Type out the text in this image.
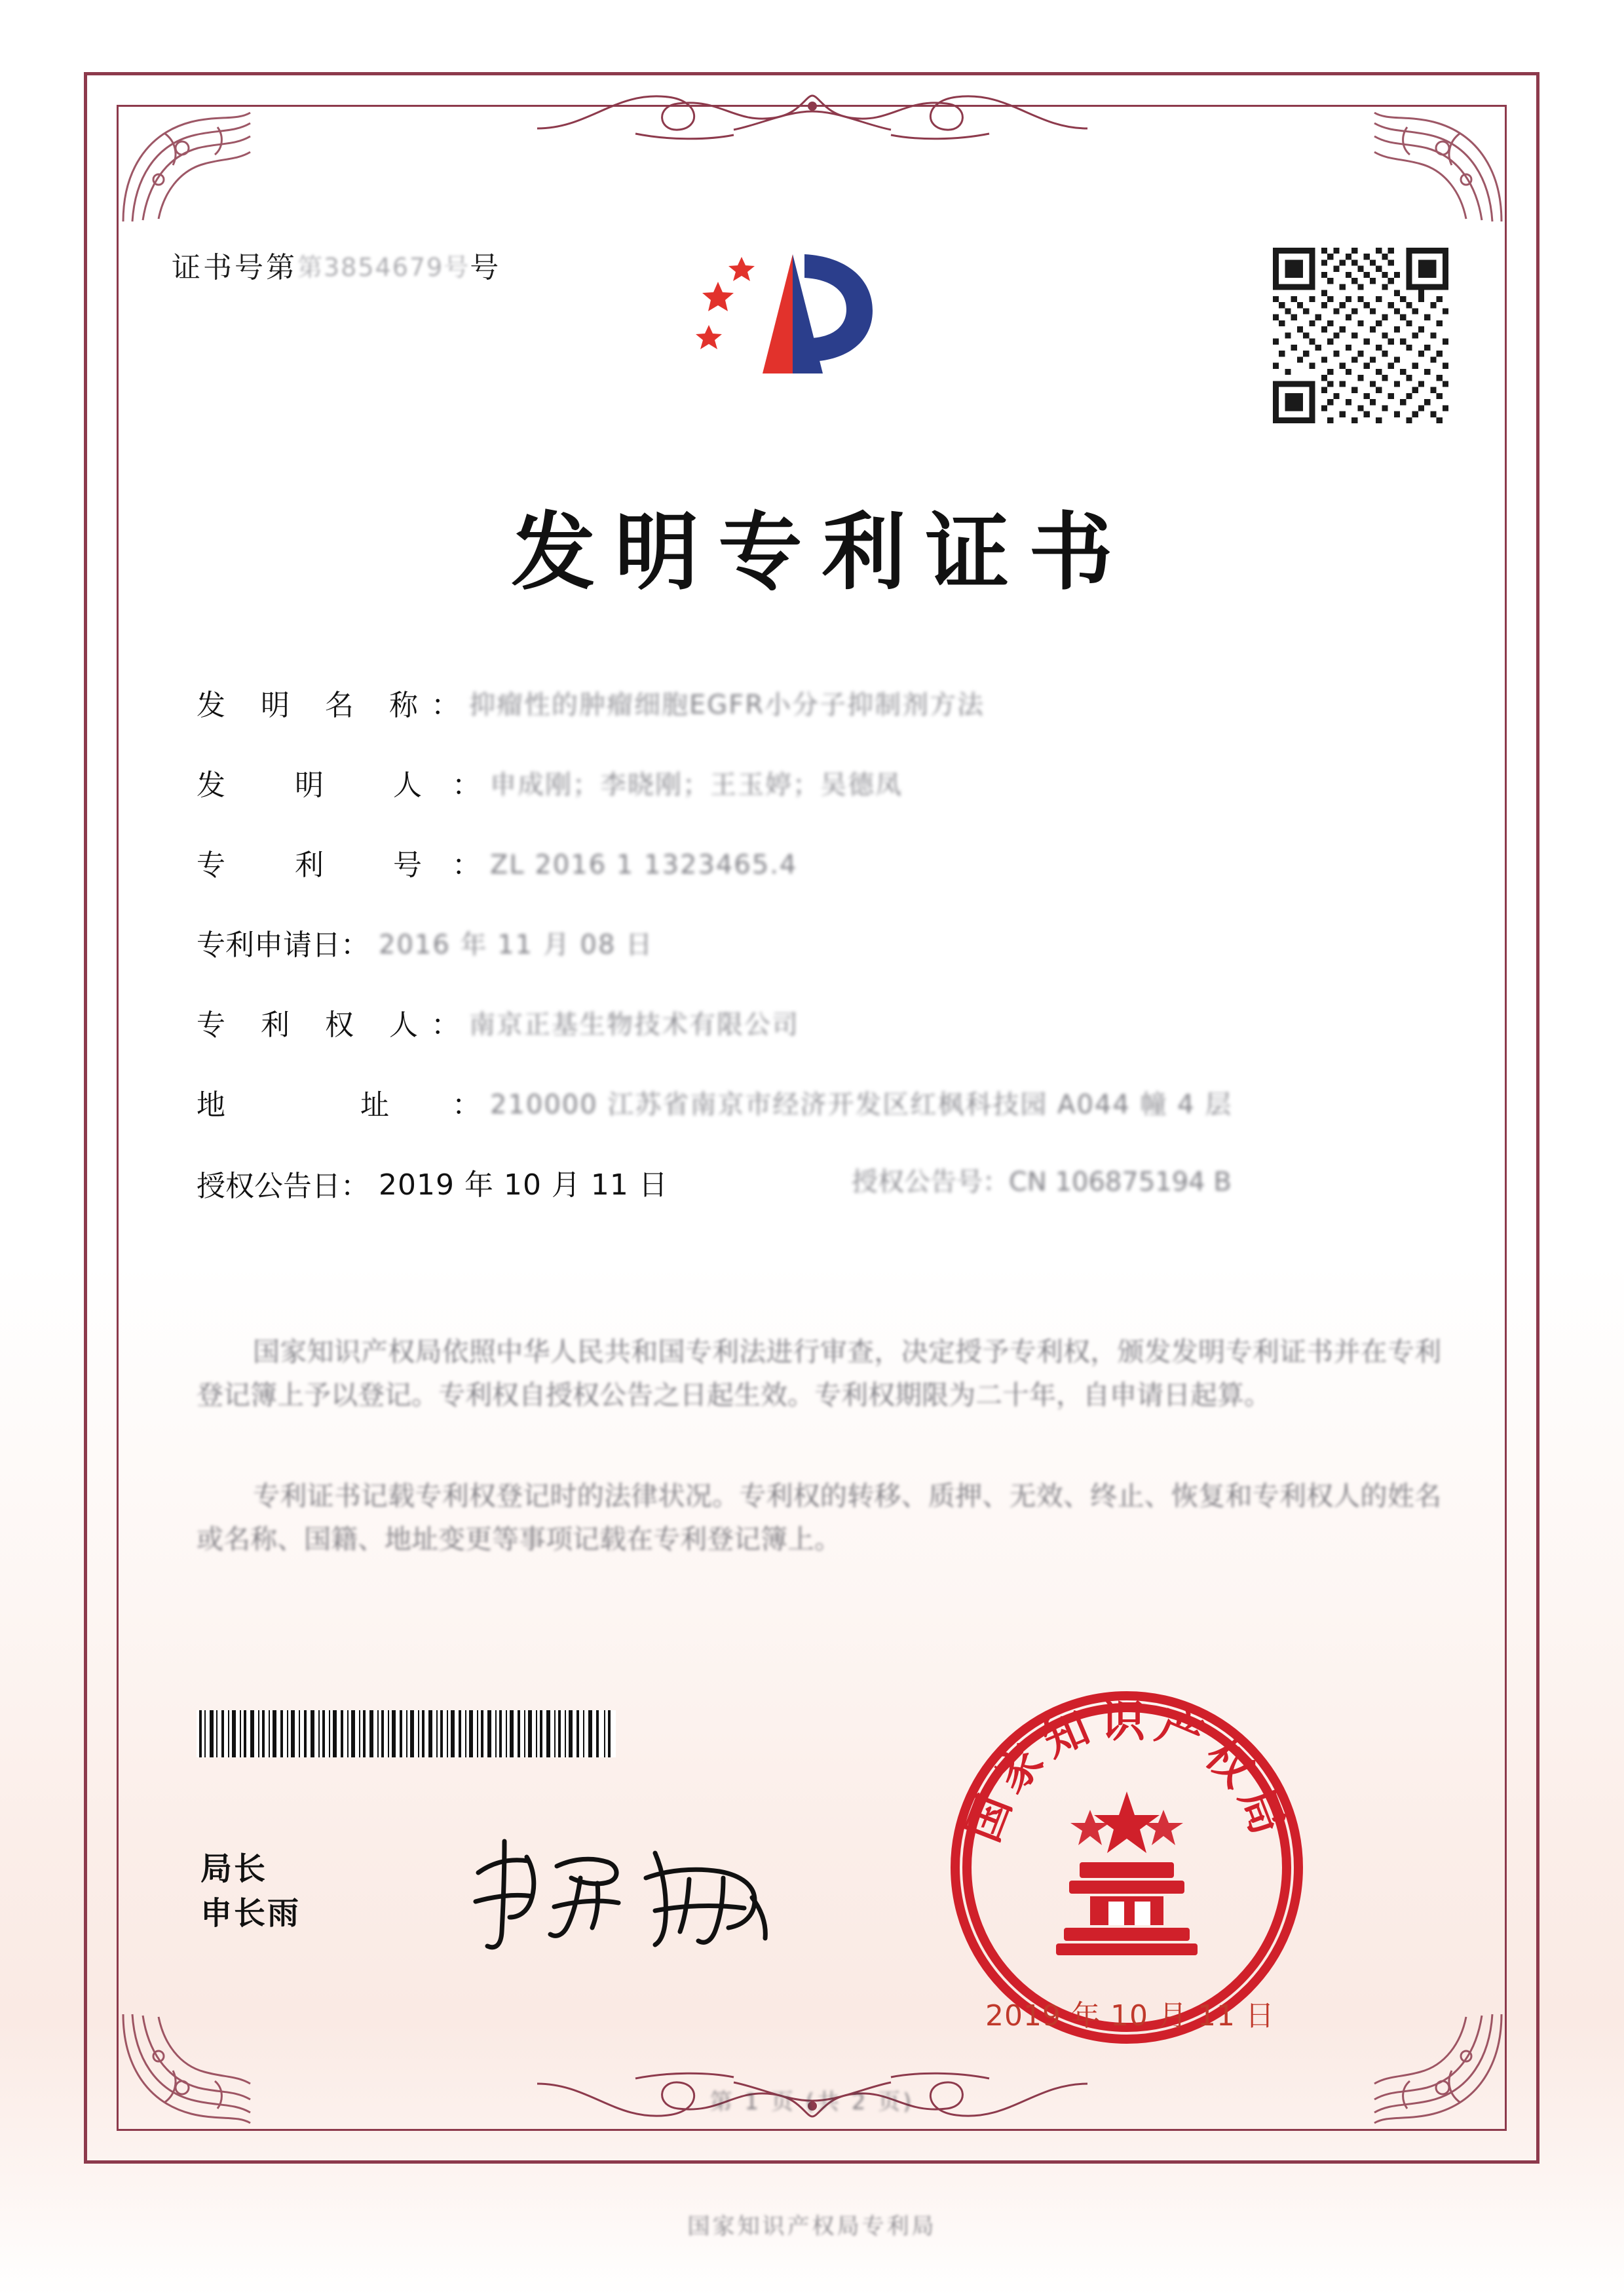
证书号第第3854679号号
发明专利证书
发 明 名 称： 抑瘤性的肿瘤细胞EGFR小分子抑制剂方法
发 明 人： 申成刚；李晓刚；王玉婷；吴德凤
专 利 号： ZL 2016 1 1323465.4
专利申请日： 2016 年 11 月 08 日
专 利 权 人： 南京正基生物技术有限公司
地 址： 210000 江苏省南京市经济开发区红枫科技园 A044 幢 4 层
授权公告日： 2019 年 10 月 11 日	授权公告号：CN 106875194 B
国家知识产权局依照中华人民共和国专利法进行审查，决定授予专利权，颁发发明专利证书并在专利登记簿上予以登记。专利权自授权公告之日起生效。专利权期限为二十年，自申请日起算。
专利证书记载专利权登记时的法律状况。专利权的转移、质押、无效、终止、恢复和专利权人的姓名或名称、国籍、地址变更等事项记载在专利登记簿上。
局长
申长雨
国家知识产权局
2019 年 10 月 11 日
第 1 页 (共 2 页)
国家知识产权局专利局
